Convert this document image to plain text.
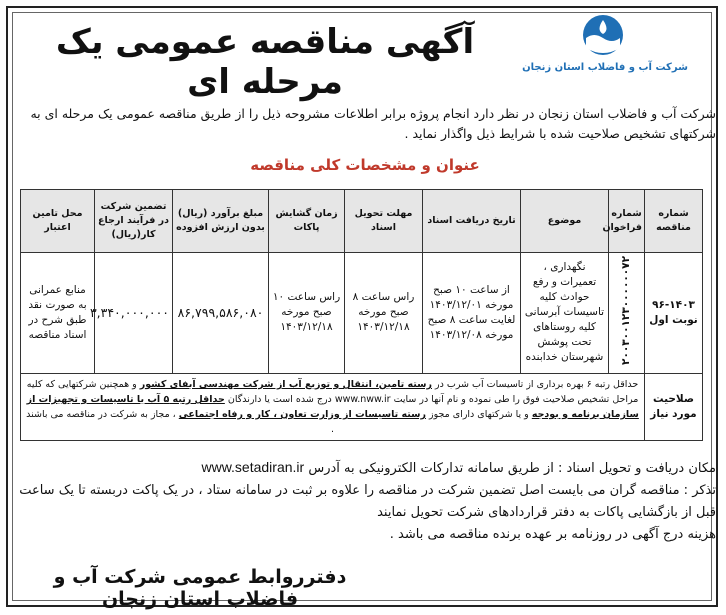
شرکت آب و فاضلاب استان زنجان
آگهی مناقصه عمومی یک مرحله ای
شرکت آب و فاضلاب استان زنجان در نظر دارد انجام پروژه برابر اطلاعات مشروحه ذیل را از طریق مناقصه عمومی یک مرحله ای به شرکتهای تشخیص صلاحیت شده با شرایط ذیل واگذار نماید .
عنوان و مشخصات کلی مناقصه
شماره مناقصه	شماره فراخوان	موضوع	تاریخ دریافت اسناد	مهلت تحویل اسناد	زمان گشایش پاکات	مبلغ برآورد (ریال) بدون ارزش افزوده	تضمین شرکت در فرآیند ارجاع کار(ریال)	محل تامین اعتبار
۹۶-۱۴۰۳ نوبت اول	۲۰۰۳۰۰۱۲۳۰۰۰۰۰۰۷۲	نگهداری ، تعمیرات و رفع حوادث کلیه تاسیسات آبرسانی کلیه روستاهای تحت پوشش شهرستان خدابنده	از ساعت ۱۰ صبح مورخه ۱۴۰۳/۱۲/۰۱ لغایت ساعت ۸ صبح مورخه ۱۴۰۳/۱۲/۰۸	راس ساعت ۸ صبح مورخه ۱۴۰۳/۱۲/۱۸	راس ساعت ۱۰ صبح مورخه ۱۴۰۳/۱۲/۱۸	۸۶,۷۹۹,۵۸۶,۰۸۰	۳,۳۴۰,۰۰۰,۰۰۰	منابع عمرانی به صورت نقد طبق شرح در اسناد مناقصه
صلاحیت مورد نیاز	حداقل رتبه ۶ بهره برداری از تاسیسات آب شرب در رسته تامین، انتقال و توزیع آب از شرکت مهندسی آبفای کشور و همچنین شرکتهایی که کلیه مراحل تشخیص صلاحیت فوق را طی نموده و نام آنها در سایت www.nww.ir درج شده است یا دارندگان حداقل رتبه ۵ آب یا تاسیسات و تجهیزات از سازمان برنامه و بودجه و یا شرکتهای دارای مجوز رسته تاسیسات از وزارت تعاون ، کار و رفاه اجتماعی ، مجاز به شرکت در مناقصه می باشند .							
مکان دریافت و تحویل اسناد : از طریق سامانه تدارکات الکترونیکی به آدرس www.setadiran.ir
تذکر : مناقصه گران می بایست اصل تضمین شرکت در مناقصه را علاوه بر ثبت در سامانه ستاد ، در یک پاکت دربسته تا یک ساعت قبل از بازگشایی پاکات به دفتر قراردادهای شرکت تحویل نمایند
هزینه درج آگهی در روزنامه بر عهده برنده مناقصه می باشد .
دفترروابط عمومی شرکت آب و فاضلاب استان زنجان
